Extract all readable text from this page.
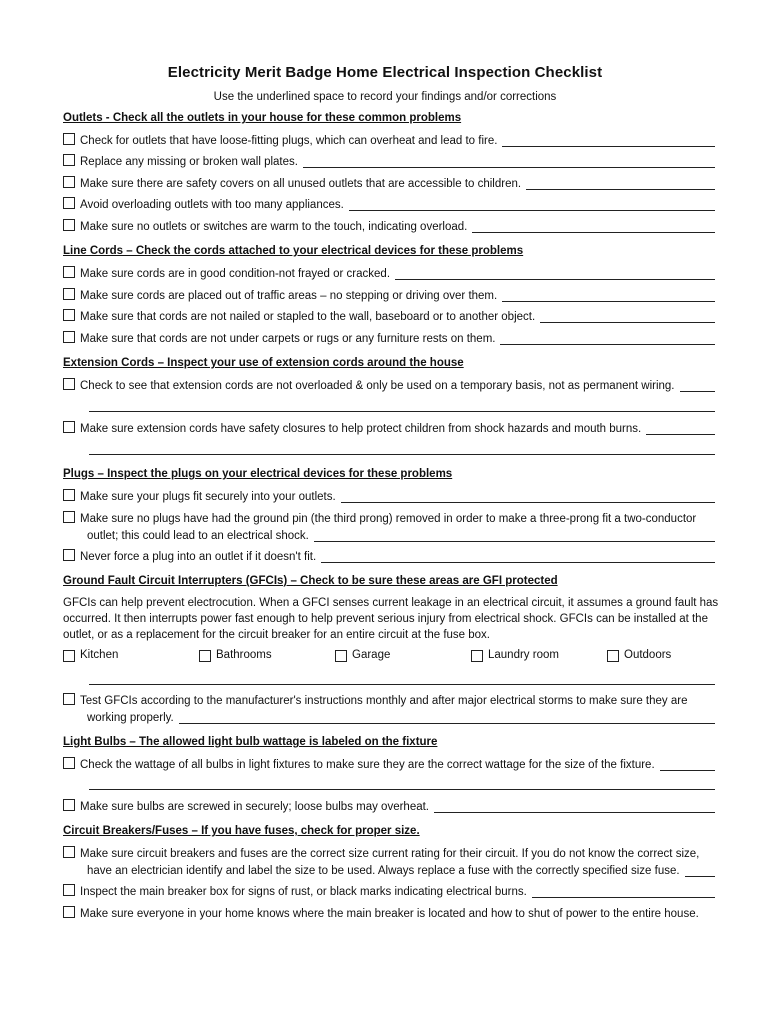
Electricity Merit Badge Home Electrical Inspection Checklist
Use the underlined space to record your findings and/or corrections
Outlets - Check all the outlets in your house for these common problems
Check for outlets that have loose-fitting plugs, which can overheat and lead to fire.
Replace any missing or broken wall plates.
Make sure there are safety covers on all unused outlets that are accessible to children.
Avoid overloading outlets with too many appliances.
Make sure no outlets or switches are warm to the touch, indicating overload.
Line Cords – Check the cords attached to your electrical devices for these problems
Make sure cords are in good condition-not frayed or cracked.
Make sure cords are placed out of traffic areas – no stepping or driving over them.
Make sure that cords are not nailed or stapled to the wall, baseboard or to another object.
Make sure that cords are not under carpets or rugs or any furniture rests on them.
Extension Cords – Inspect your use of extension cords around the house
Check to see that extension cords are not overloaded & only be used on a temporary basis, not as permanent wiring.
Make sure extension cords have safety closures to help protect children from shock hazards and mouth burns.
Plugs – Inspect the plugs on your electrical devices for these problems
Make sure your plugs fit securely into your outlets.
Make sure no plugs have had the ground pin (the third prong) removed in order to make a three-prong fit a two-conductor
outlet; this could lead to an electrical shock.
Never force a plug into an outlet if it doesn't fit.
Ground Fault Circuit Interrupters (GFCIs) – Check to be sure these areas are GFI protected
GFCIs can help prevent electrocution. When a GFCI senses current leakage in an electrical circuit, it assumes a ground fault has
occurred. It then interrupts power fast enough to help prevent serious injury from electrical shock. GFCIs can be installed at the
outlet, or as a replacement for the circuit breaker for an entire circuit at the fuse box.
Kitchen	Bathrooms	Garage	Laundry room	Outdoors
Test GFCIs according to the manufacturer's instructions monthly and after major electrical storms to make sure they are
working properly.
Light Bulbs – The allowed light bulb wattage is labeled on the fixture
Check the wattage of all bulbs in light fixtures to make sure they are the correct wattage for the size of the fixture.
Make sure bulbs are screwed in securely; loose bulbs may overheat.
Circuit Breakers/Fuses – If you have fuses, check for proper size.
Make sure circuit breakers and fuses are the correct size current rating for their circuit. If you do not know the correct size,
have an electrician identify and label the size to be used. Always replace a fuse with the correctly specified size fuse.
Inspect the main breaker box for signs of rust, or black marks indicating electrical burns.
Make sure everyone in your home knows where the main breaker is located and how to shut of power to the entire house.
